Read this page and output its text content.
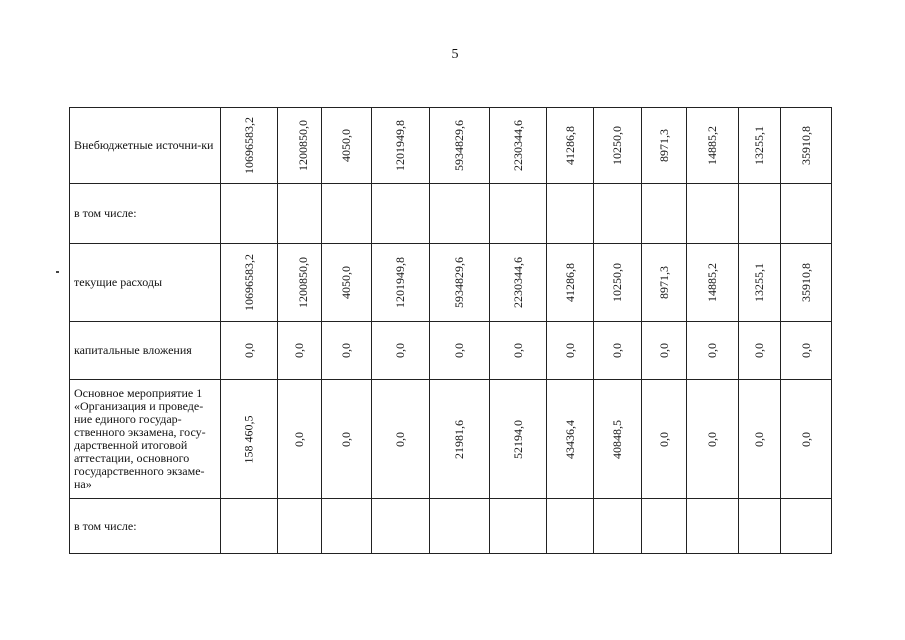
5
Внебюджетные источни-ки	10696583,2	1200850,0	4050,0	1201949,8	5934829,6	2230344,6	41286,8	10250,0	8971,3	14885,2	13255,1	35910,8
в том числе:												
текущие расходы	10696583,2	1200850,0	4050,0	1201949,8	5934829,6	2230344,6	41286,8	10250,0	8971,3	14885,2	13255,1	35910,8
капитальные вложения	0,0	0,0	0,0	0,0	0,0	0,0	0,0	0,0	0,0	0,0	0,0	0,0
Основное мероприятие 1 «Организация и проведе-ние единого государ-ственного экзамена, госу-дарственной итоговой аттестации, основного государственного экзаме-на»	158 460,5	0,0	0,0	0,0	21981,6	52194,0	43436,4	40848,5	0,0	0,0	0,0	0,0
в том числе:												
